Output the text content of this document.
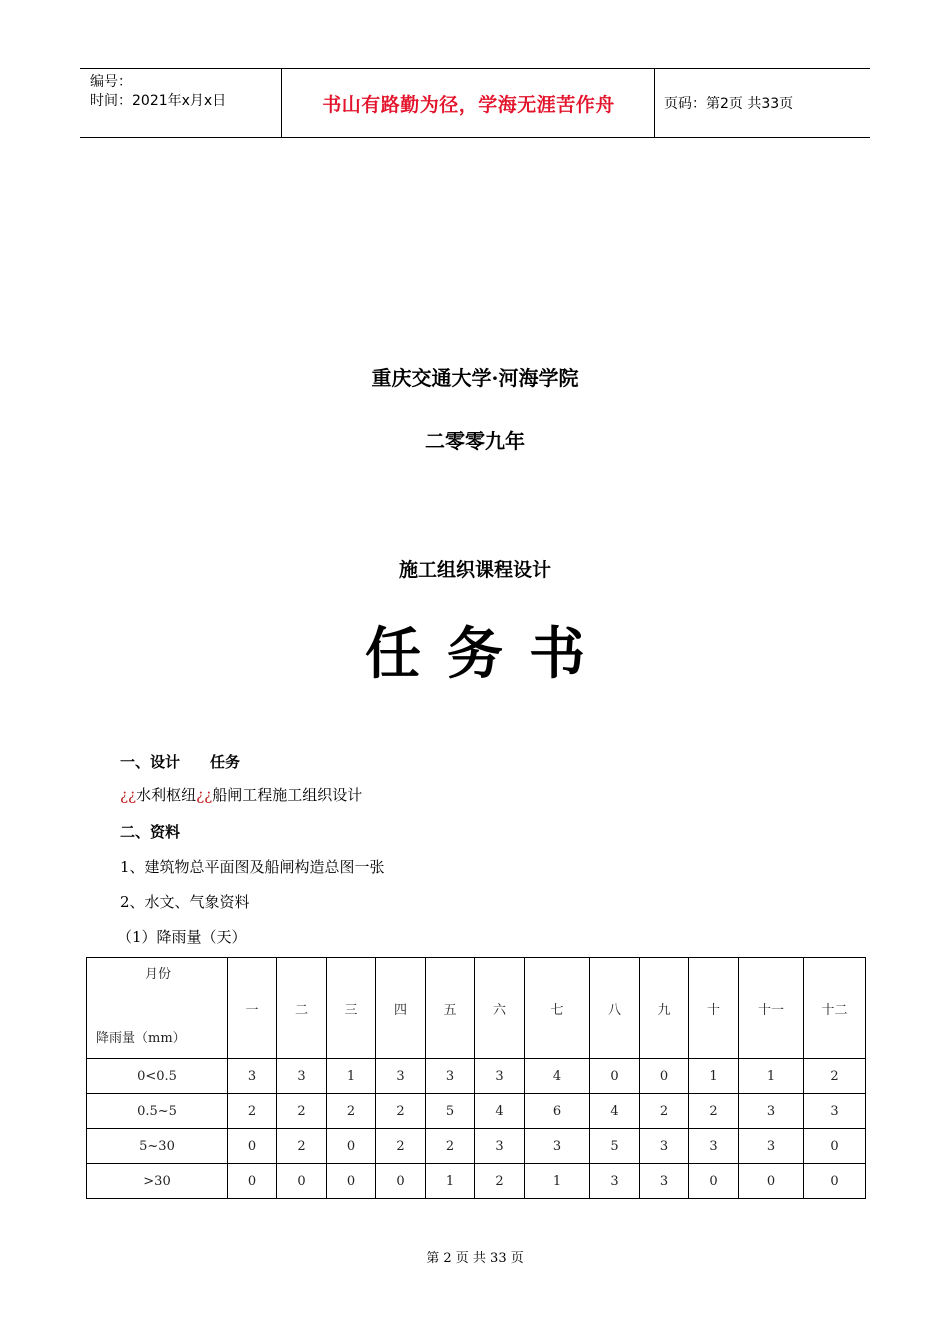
编号：
时间：2021年x月x日	书山有路勤为径，学海无涯苦作舟	页码：第2页 共33页
重庆交通大学·河海学院
二零零九年
施工组织课程设计
任务书
一、设计　　任务
¿¿水利枢纽¿¿船闸工程施工组织设计
二、资料
1、建筑物总平面图及船闸构造总图一张
2、水文、气象资料
（1）降雨量（天）
月份
降雨量（mm）	一	二	三	四	五	六	七	八	九	十	十一	十二
0<0.5	3	3	1	3	3	3	4	0	0	1	1	2
0.5~5	2	2	2	2	5	4	6	4	2	2	3	3
5~30	0	2	0	2	2	3	3	5	3	3	3	0
>30	0	0	0	0	1	2	1	3	3	0	0	0
第 2 页 共 33 页
